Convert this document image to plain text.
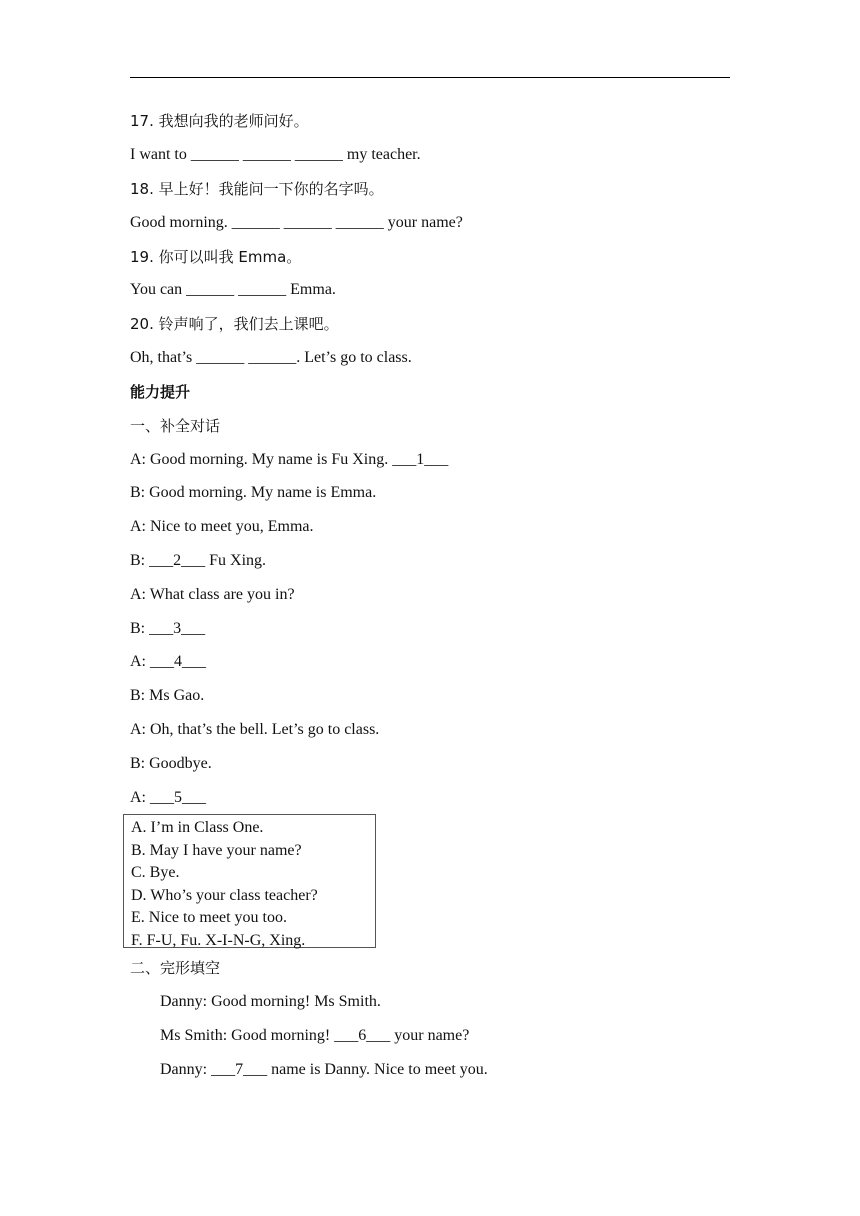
17. 我想向我的老师问好。
I want to ______ ______ ______ my teacher.
18. 早上好！我能问一下你的名字吗。
Good morning. ______ ______ ______ your name?
19. 你可以叫我 Emma。
You can ______ ______ Emma.
20. 铃声响了，我们去上课吧。
Oh, that’s ______ ______. Let’s go to class.
能力提升
一、补全对话
A: Good morning. My name is Fu Xing. ___1___
B: Good morning. My name is Emma.
A: Nice to meet you, Emma.
B: ___2___ Fu Xing.
A: What class are you in?
B: ___3___
A: ___4___
B: Ms Gao.
A: Oh, that’s the bell. Let’s go to class.
B: Goodbye.
A: ___5___
A. I’m in Class One.
B. May I have your name?
C. Bye.
D. Who’s your class teacher?
E. Nice to meet you too.
F. F-U, Fu. X-I-N-G, Xing.
二、完形填空
Danny: Good morning! Ms Smith.
Ms Smith: Good morning! ___6___ your name?
Danny: ___7___ name is Danny. Nice to meet you.
